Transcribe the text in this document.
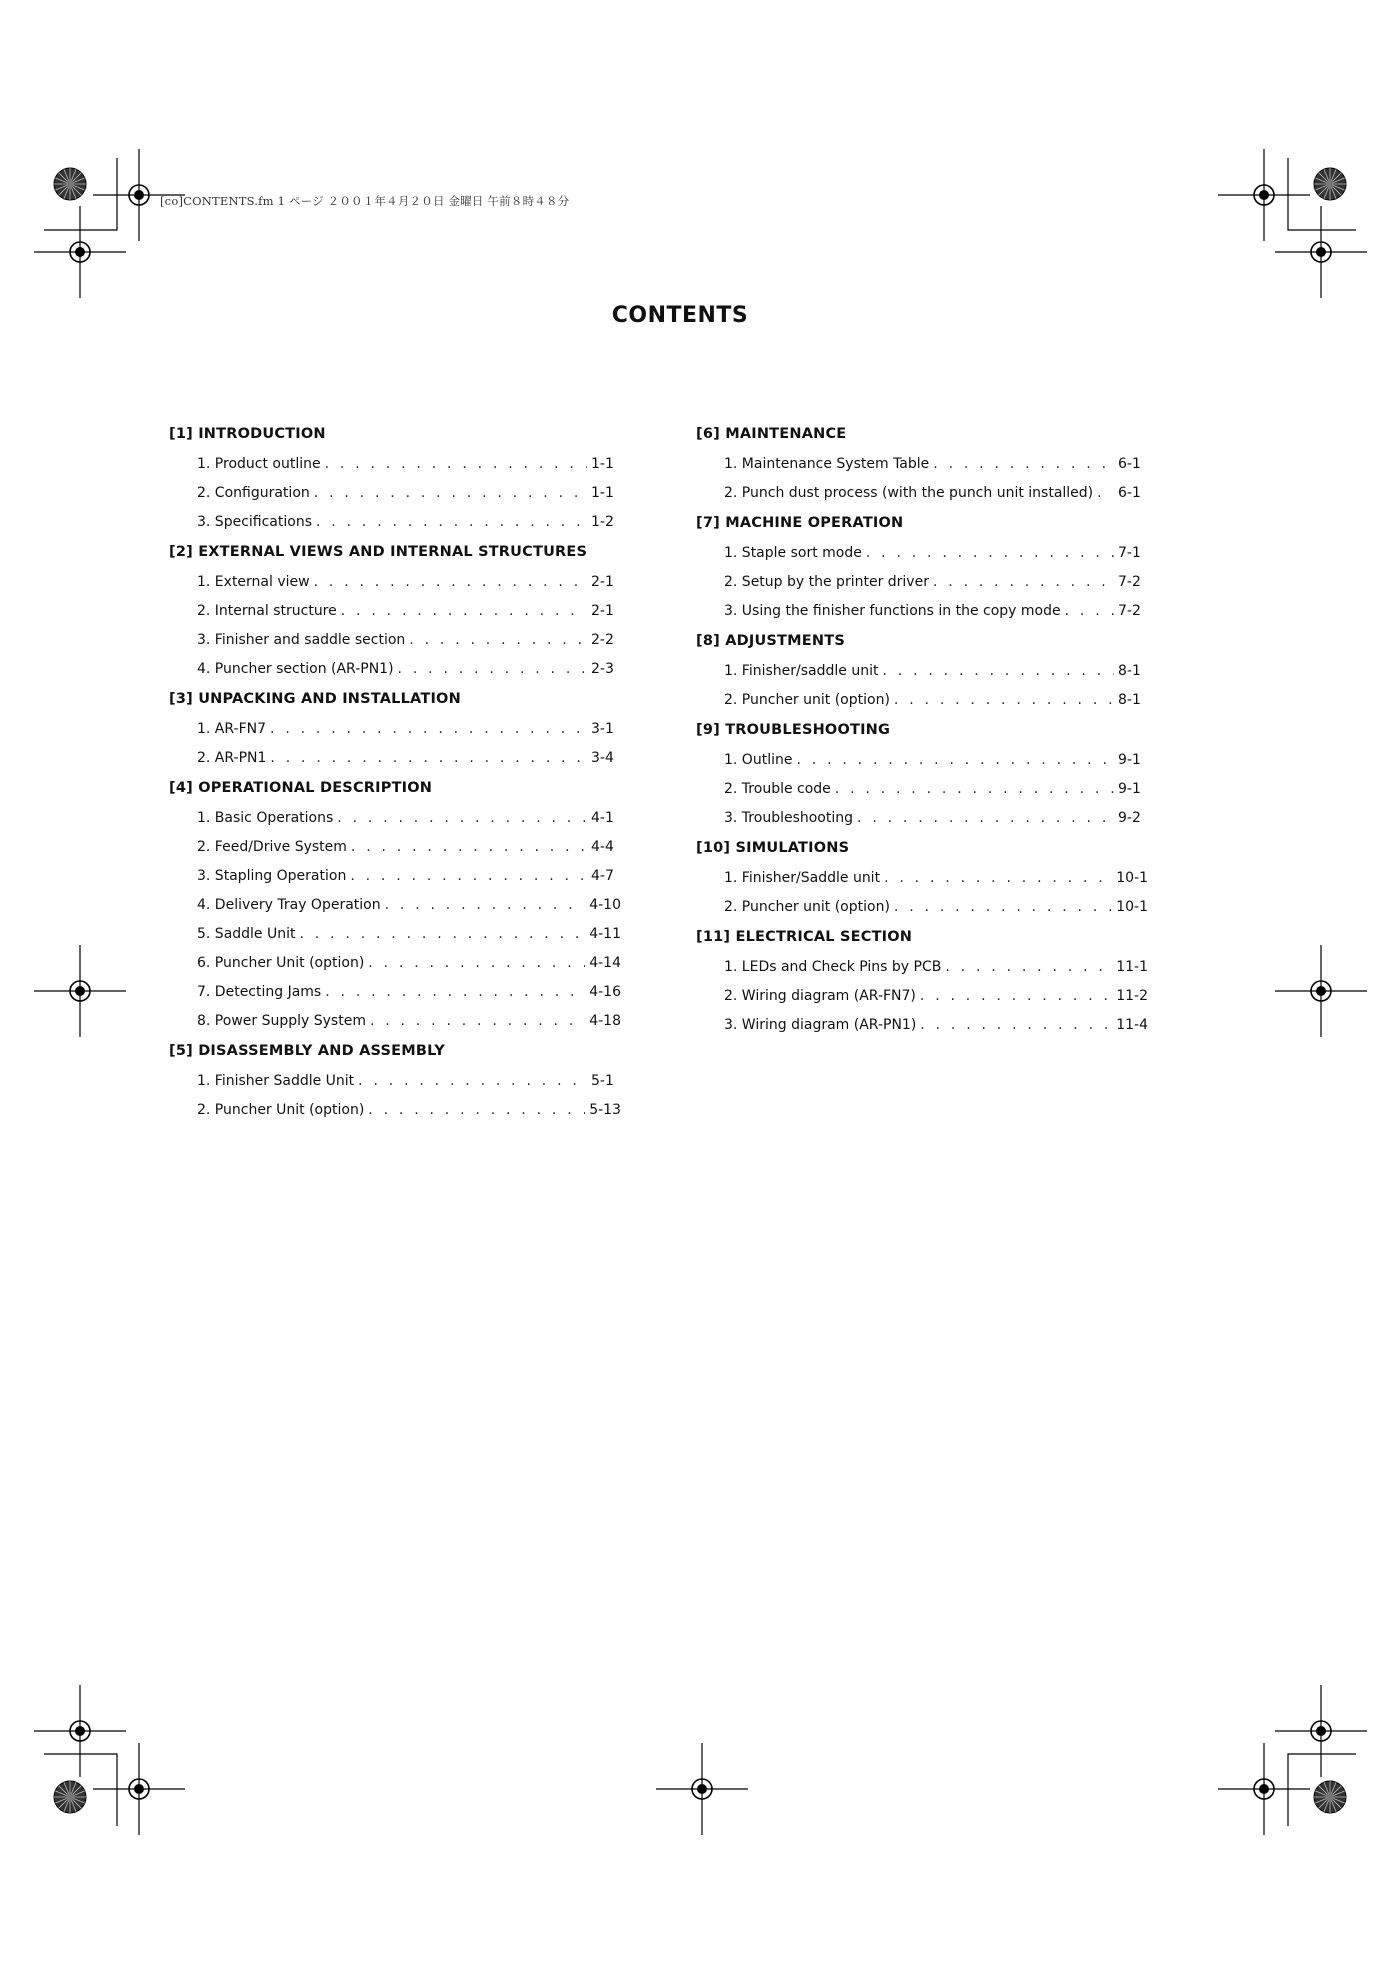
[co]CONTENTS.fm 1 ページ ２００１年４月２０日 金曜日 午前８時４８分
CONTENTS
[1] INTRODUCTION
1. Product outline . . .	1-1
2. Configuration . . .	1-1
3. Specifications . . .	1-2
[2] EXTERNAL VIEWS AND INTERNAL STRUCTURES
1. External view . . .	2-1
2. Internal structure . . .	2-1
3. Finisher and saddle section . . .	2-2
4. Puncher section (AR-PN1) . . .	2-3
[3] UNPACKING AND INSTALLATION
1. AR-FN7 . . .	3-1
2. AR-PN1 . . .	3-4
[4] OPERATIONAL DESCRIPTION
1. Basic Operations . . .	4-1
2. Feed/Drive System . . .	4-4
3. Stapling Operation . . .	4-7
4. Delivery Tray Operation . . .	4-10
5. Saddle Unit . . .	4-11
6. Puncher Unit (option) . . .	4-14
7. Detecting Jams . . .	4-16
8. Power Supply System . . .	4-18
[5] DISASSEMBLY AND ASSEMBLY
1. Finisher Saddle Unit . . .	5-1
2. Puncher Unit (option) . . .	5-13
[6] MAINTENANCE
1. Maintenance System Table . . .	6-1
2. Punch dust process (with the punch unit installed) . . . 6-1
[7] MACHINE OPERATION
1. Staple sort mode . . .	7-1
2. Setup by the printer driver . . .	7-2
3. Using the finisher functions in the copy mode . . .	7-2
[8] ADJUSTMENTS
1. Finisher/saddle unit . . .	8-1
2. Puncher unit (option) . . .	8-1
[9] TROUBLESHOOTING
1. Outline . . .	9-1
2. Trouble code . . .	9-1
3. Troubleshooting . . .	9-2
[10] SIMULATIONS
1. Finisher/Saddle unit . . .	10-1
2. Puncher unit (option) . . .	10-1
[11] ELECTRICAL SECTION
1. LEDs and Check Pins by PCB . . .	11-1
2. Wiring diagram (AR-FN7) . . .	11-2
3. Wiring diagram (AR-PN1) . . .	11-4
